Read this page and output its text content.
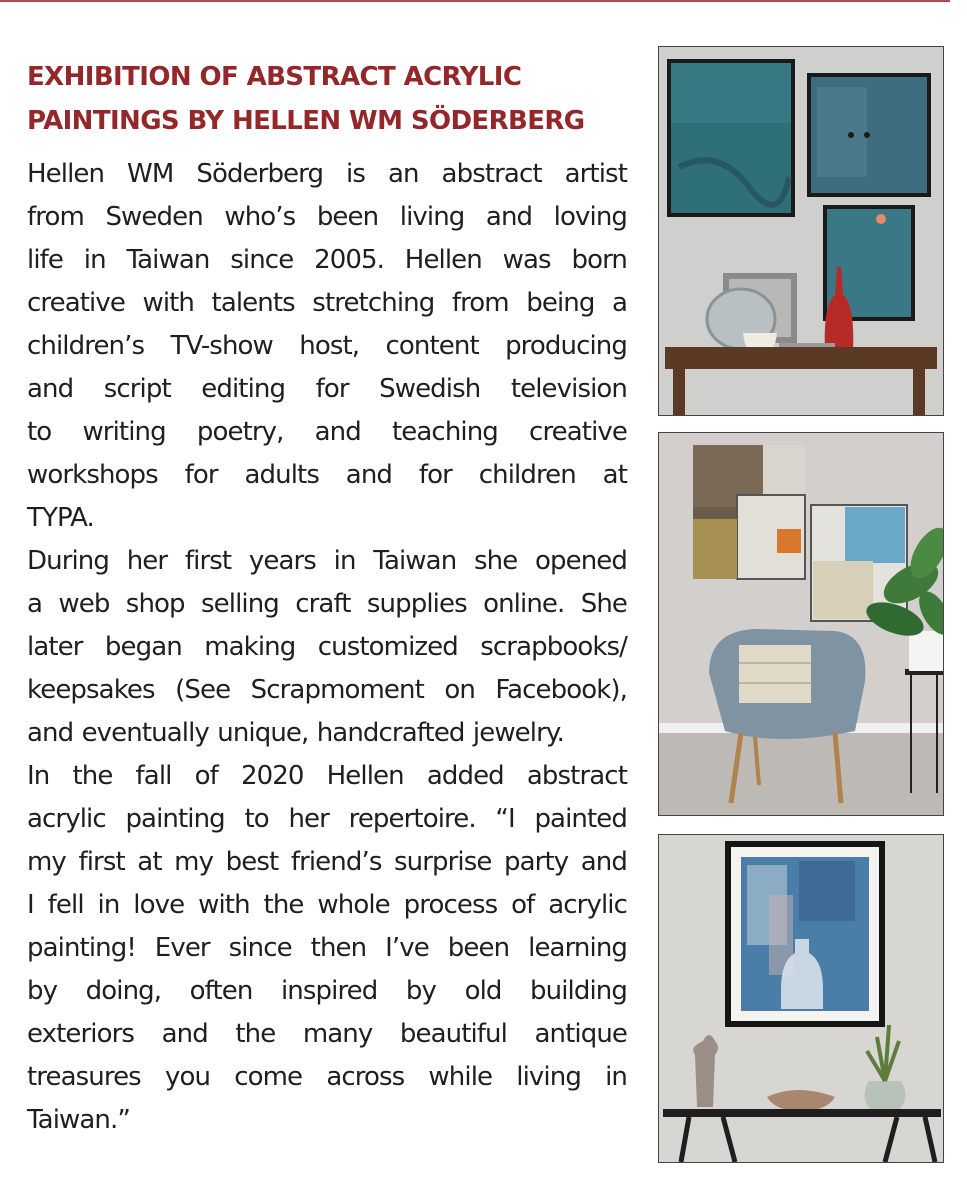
EXHIBITION OF ABSTRACT ACRYLIC
PAINTINGS BY HELLEN WM SÖDERBERG
Hellen WM Söderberg is an abstract artist
from Sweden who’s been living and loving
life in Taiwan since 2005. Hellen was born
creative with talents stretching from being a
children’s TV-show host, content producing
and script editing for Swedish television
to writing poetry, and teaching creative
workshops for adults and for children at
TYPA.
During her first years in Taiwan she opened
a web shop selling craft supplies online. She
later began making customized scrapbooks/
keepsakes (See Scrapmoment on Facebook),
and eventually unique, handcrafted jewelry.
In the fall of 2020 Hellen added abstract
acrylic painting to her repertoire. “I painted
my first at my best friend’s surprise party and
I fell in love with the whole process of acrylic
painting! Ever since then I’ve been learning
by doing, often inspired by old building
exteriors and the many beautiful antique
treasures you come across while living in
Taiwan.”
